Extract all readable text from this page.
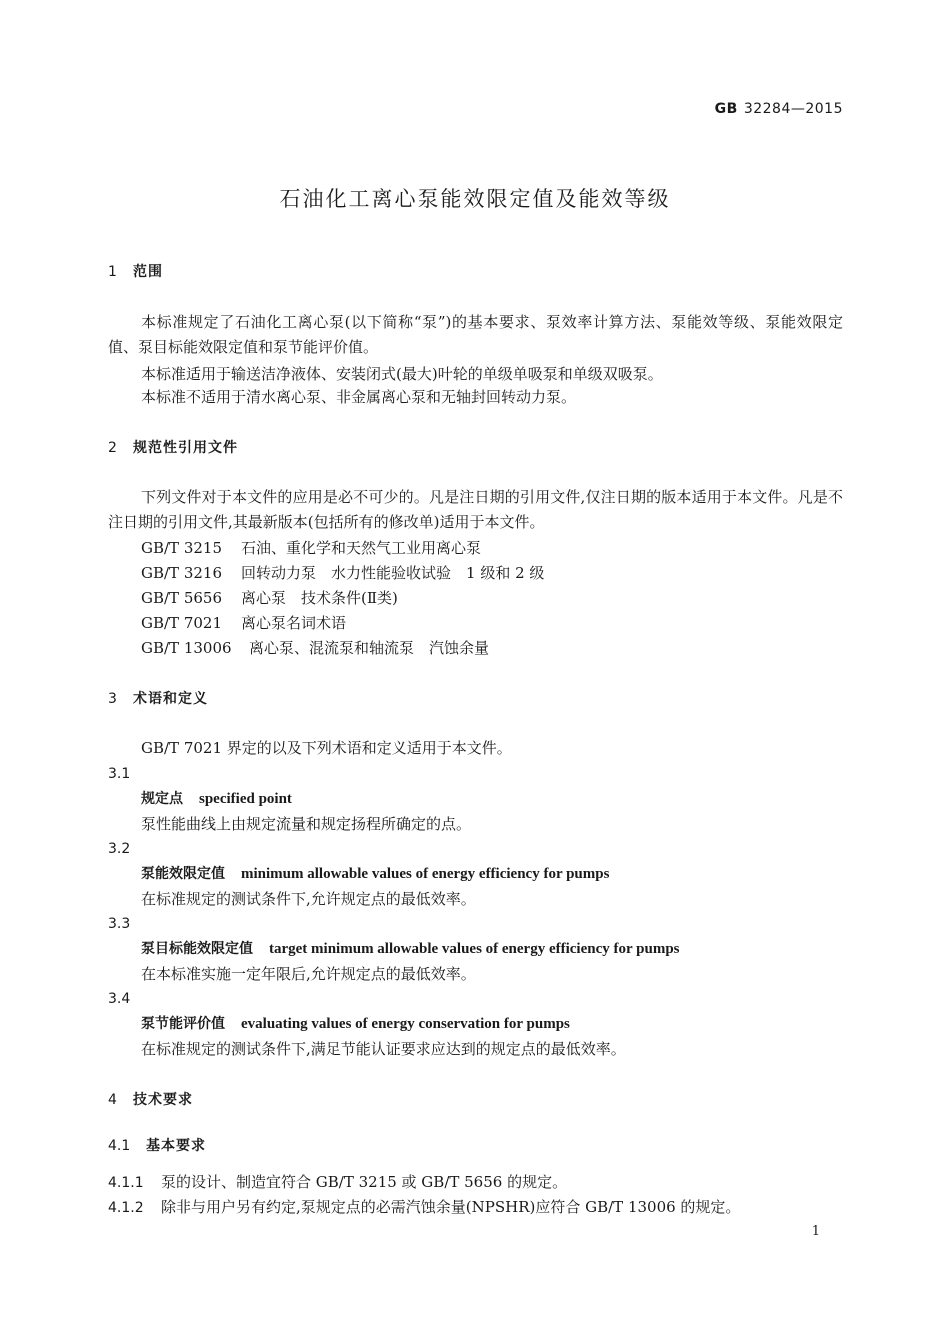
GB 32284—2015
石油化工离心泵能效限定值及能效等级
1 范围
本标准规定了石油化工离心泵(以下简称“泵”)的基本要求、泵效率计算方法、泵能效等级、泵能效限定值、泵目标能效限定值和泵节能评价值。
本标准适用于输送洁净液体、安装闭式(最大)叶轮的单级单吸泵和单级双吸泵。
本标准不适用于清水离心泵、非金属离心泵和无轴封回转动力泵。
2 规范性引用文件
下列文件对于本文件的应用是必不可少的。凡是注日期的引用文件,仅注日期的版本适用于本文件。凡是不注日期的引用文件,其最新版本(包括所有的修改单)适用于本文件。
GB/T 3215 石油、重化学和天然气工业用离心泵
GB/T 3216 回转动力泵　水力性能验收试验　1 级和 2 级
GB/T 5656 离心泵　技术条件(Ⅱ类)
GB/T 7021 离心泵名词术语
GB/T 13006 离心泵、混流泵和轴流泵　汽蚀余量
3 术语和定义
GB/T 7021 界定的以及下列术语和定义适用于本文件。
3.1
规定点 specified point
泵性能曲线上由规定流量和规定扬程所确定的点。
3.2
泵能效限定值 minimum allowable values of energy efficiency for pumps
在标准规定的测试条件下,允许规定点的最低效率。
3.3
泵目标能效限定值 target minimum allowable values of energy efficiency for pumps
在本标准实施一定年限后,允许规定点的最低效率。
3.4
泵节能评价值 evaluating values of energy conservation for pumps
在标准规定的测试条件下,满足节能认证要求应达到的规定点的最低效率。
4 技术要求
4.1 基本要求
4.1.1 泵的设计、制造宜符合 GB/T 3215 或 GB/T 5656 的规定。
4.1.2 除非与用户另有约定,泵规定点的必需汽蚀余量(NPSHR)应符合 GB/T 13006 的规定。
1
